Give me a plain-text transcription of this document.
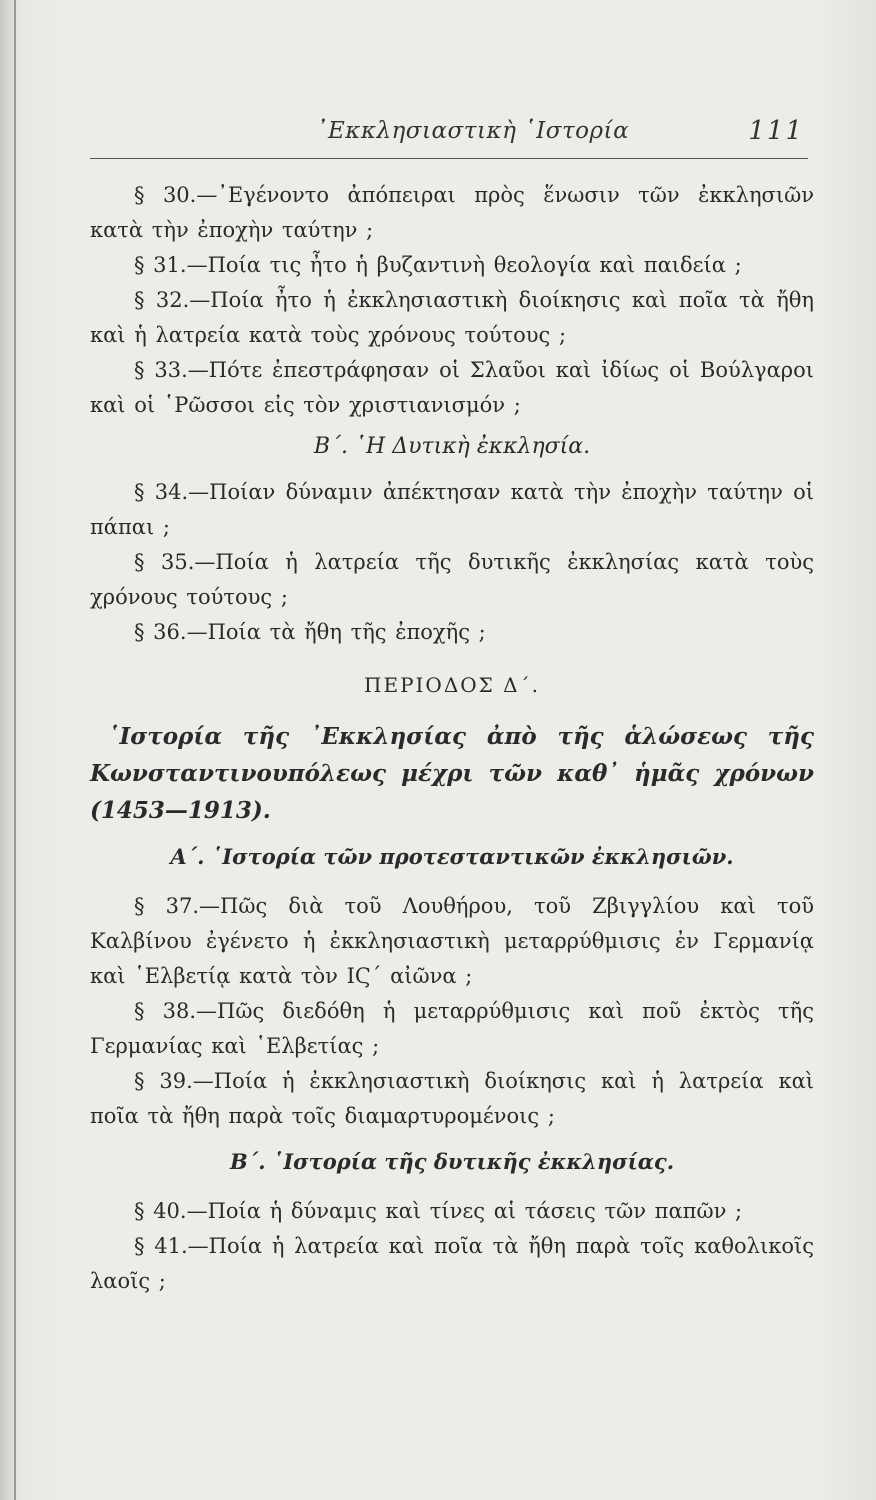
᾽Εκκλησιαστικὴ ῾Ιστορία	111

§ 30.—᾽Εγένοντο ἀπόπειραι πρὸς ἕνωσιν τῶν ἐκκλησιῶν κατὰ τὴν ἐποχὴν ταύτην ;

§ 31.—Ποία τις ἦτο ἡ βυζαντινὴ θεολογία καὶ παιδεία ;

§ 32.—Ποία ἦτο ἡ ἐκκλησιαστικὴ διοίκησις καὶ ποῖα τὰ ἤθη καὶ ἡ λατρεία κατὰ τοὺς χρόνους τούτους ;

§ 33.—Πότε ἐπεστράφησαν οἱ Σλαῦοι καὶ ἰδίως οἱ Βούλγαροι καὶ οἱ ῾Ρῶσσοι εἰς τὸν χριστιανισμόν ;

Β΄. ῾Η Δυτικὴ ἐκκλησία.

§ 34.—Ποίαν δύναμιν ἀπέκτησαν κατὰ τὴν ἐποχὴν ταύτην οἱ πάπαι ;

§ 35.—Ποία ἡ λατρεία τῆς δυτικῆς ἐκκλησίας κατὰ τοὺς χρόνους τούτους ;

§ 36.—Ποία τὰ ἤθη τῆς ἐποχῆς ;

ΠΕΡΙΟΔΟΣ Δ΄.

῾Ιστορία τῆς ᾽Εκκλησίας ἀπὸ τῆς ἁλώσεως τῆς Κωνσταντινουπόλεως μέχρι τῶν καθ᾽ ἡμᾶς χρόνων (1453—1913).

Α΄. ῾Ιστορία τῶν προτεσταντικῶν ἐκκλησιῶν.

§ 37.—Πῶς διὰ τοῦ Λουθήρου, τοῦ Ζβιγγλίου καὶ τοῦ Καλβίνου ἐγένετο ἡ ἐκκλησιαστικὴ μεταρρύθμισις ἐν Γερμανίᾳ καὶ ῾Ελβετίᾳ κατὰ τὸν ΙϚ΄ αἰῶνα ;

§ 38.—Πῶς διεδόθη ἡ μεταρρύθμισις καὶ ποῦ ἐκτὸς τῆς Γερμανίας καὶ ῾Ελβετίας ;

§ 39.—Ποία ἡ ἐκκλησιαστικὴ διοίκησις καὶ ἡ λατρεία καὶ ποῖα τὰ ἤθη παρὰ τοῖς διαμαρτυρομένοις ;

Β΄. ῾Ιστορία τῆς δυτικῆς ἐκκλησίας.

§ 40.—Ποία ἡ δύναμις καὶ τίνες αἱ τάσεις τῶν παπῶν ;

§ 41.—Ποία ἡ λατρεία καὶ ποῖα τὰ ἤθη παρὰ τοῖς καθολικοῖς λαοῖς ;
